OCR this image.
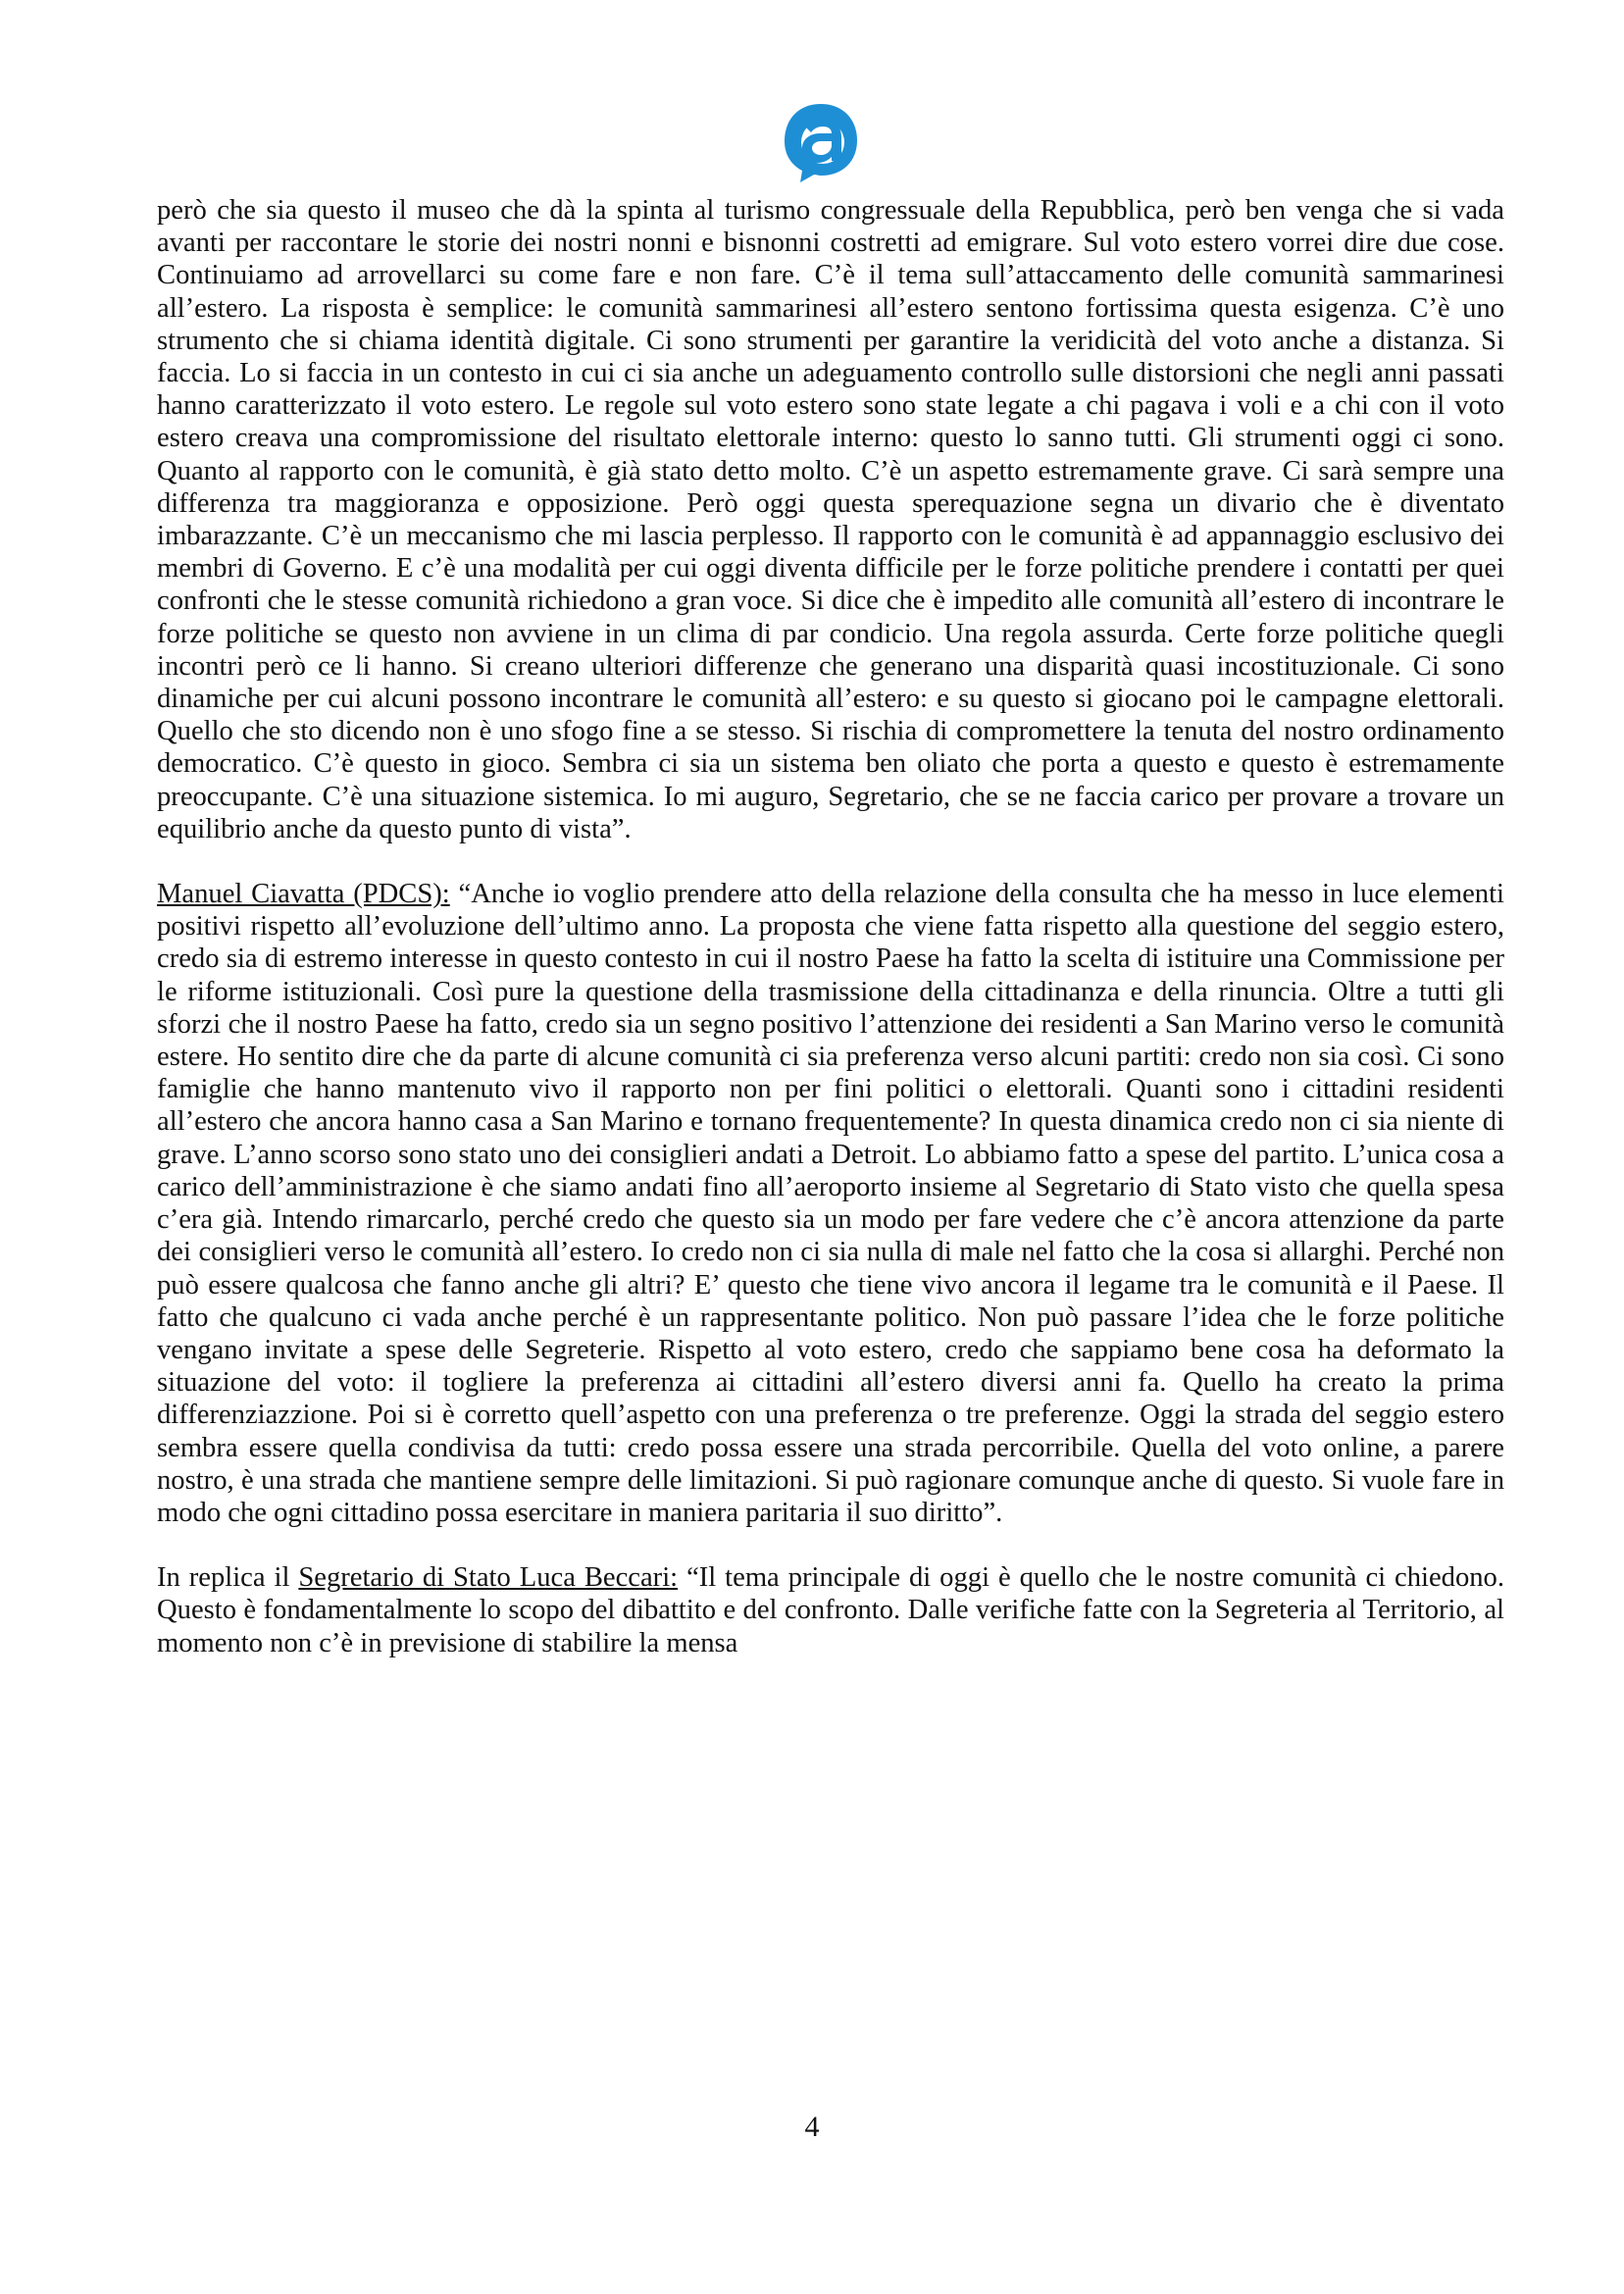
però che sia questo il museo che dà la spinta al turismo congressuale della Repubblica, però ben venga che si vada avanti per raccontare le storie dei nostri nonni e bisnonni costretti ad emigrare. Sul voto estero vorrei dire due cose. Continuiamo ad arrovellarci su come fare e non fare. C’è il tema sull’attaccamento delle comunità sammarinesi all’estero. La risposta è semplice: le comunità sammarinesi all’estero sentono fortissima questa esigenza. C’è uno strumento che si chiama identità digitale. Ci sono strumenti per garantire la veridicità del voto anche a distanza. Si faccia. Lo si faccia in un contesto in cui ci sia anche un adeguamento controllo sulle distorsioni che negli anni passati hanno caratterizzato il voto estero. Le regole sul voto estero sono state legate a chi pagava i voli e a chi con il voto estero creava una compromissione del risultato elettorale interno: questo lo sanno tutti. Gli strumenti oggi ci sono. Quanto al rapporto con le comunità, è già stato detto molto. C’è un aspetto estremamente grave. Ci sarà sempre una differenza tra maggioranza e opposizione. Però oggi questa sperequazione segna un divario che è diventato imbarazzante. C’è un meccanismo che mi lascia perplesso. Il rapporto con le comunità è ad appannaggio esclusivo dei membri di Governo. E c’è una modalità per cui oggi diventa difficile per le forze politiche prendere i contatti per quei confronti che le stesse comunità richiedono a gran voce. Si dice che è impedito alle comunità all’estero di incontrare le forze politiche se questo non avviene in un clima di par condicio. Una regola assurda. Certe forze politiche quegli incontri però ce li hanno. Si creano ulteriori differenze che generano una disparità quasi incostituzionale. Ci sono dinamiche per cui alcuni possono incontrare le comunità all’estero: e su questo si giocano poi le campagne elettorali. Quello che sto dicendo non è uno sfogo fine a se stesso. Si rischia di compromettere la tenuta del nostro ordinamento democratico. C’è questo in gioco. Sembra ci sia un sistema ben oliato che porta a questo e questo è estremamente preoccupante. C’è una situazione sistemica. Io mi auguro, Segretario, che se ne faccia carico per provare a trovare un equilibrio anche da questo punto di vista”.

Manuel Ciavatta (PDCS): “Anche io voglio prendere atto della relazione della consulta che ha messo in luce elementi positivi rispetto all’evoluzione dell’ultimo anno. La proposta che viene fatta rispetto alla questione del seggio estero, credo sia di estremo interesse in questo contesto in cui il nostro Paese ha fatto la scelta di istituire una Commissione per le riforme istituzionali. Così pure la questione della trasmissione della cittadinanza e della rinuncia. Oltre a tutti gli sforzi che il nostro Paese ha fatto, credo sia un segno positivo l’attenzione dei residenti a San Marino verso le comunità estere. Ho sentito dire che da parte di alcune comunità ci sia preferenza verso alcuni partiti: credo non sia così. Ci sono famiglie che hanno mantenuto vivo il rapporto non per fini politici o elettorali. Quanti sono i cittadini residenti all’estero che ancora hanno casa a San Marino e tornano frequentemente? In questa dinamica credo non ci sia niente di grave. L’anno scorso sono stato uno dei consiglieri andati a Detroit. Lo abbiamo fatto a spese del partito. L’unica cosa a carico dell’amministrazione è che siamo andati fino all’aeroporto insieme al Segretario di Stato visto che quella spesa c’era già. Intendo rimarcarlo, perché credo che questo sia un modo per fare vedere che c’è ancora attenzione da parte dei consiglieri verso le comunità all’estero. Io credo non ci sia nulla di male nel fatto che la cosa si allarghi. Perché non può essere qualcosa che fanno anche gli altri? E’ questo che tiene vivo ancora il legame tra le comunità e il Paese. Il fatto che qualcuno ci vada anche perché è un rappresentante politico. Non può passare l’idea che le forze politiche vengano invitate a spese delle Segreterie. Rispetto al voto estero, credo che sappiamo bene cosa ha deformato la situazione del voto: il togliere la preferenza ai cittadini all’estero diversi anni fa. Quello ha creato la prima differenziazzione. Poi si è corretto quell’aspetto con una preferenza o tre preferenze. Oggi la strada del seggio estero sembra essere quella condivisa da tutti: credo possa essere una strada percorribile. Quella del voto online, a parere nostro, è una strada che mantiene sempre delle limitazioni. Si può ragionare comunque anche di questo. Si vuole fare in modo che ogni cittadino possa esercitare in maniera paritaria il suo diritto”.

In replica il Segretario di Stato Luca Beccari: “Il tema principale di oggi è quello che le nostre comunità ci chiedono. Questo è fondamentalmente lo scopo del dibattito e del confronto. Dalle verifiche fatte con la Segreteria al Territorio, al momento non c’è in previsione di stabilire la mensa

4
